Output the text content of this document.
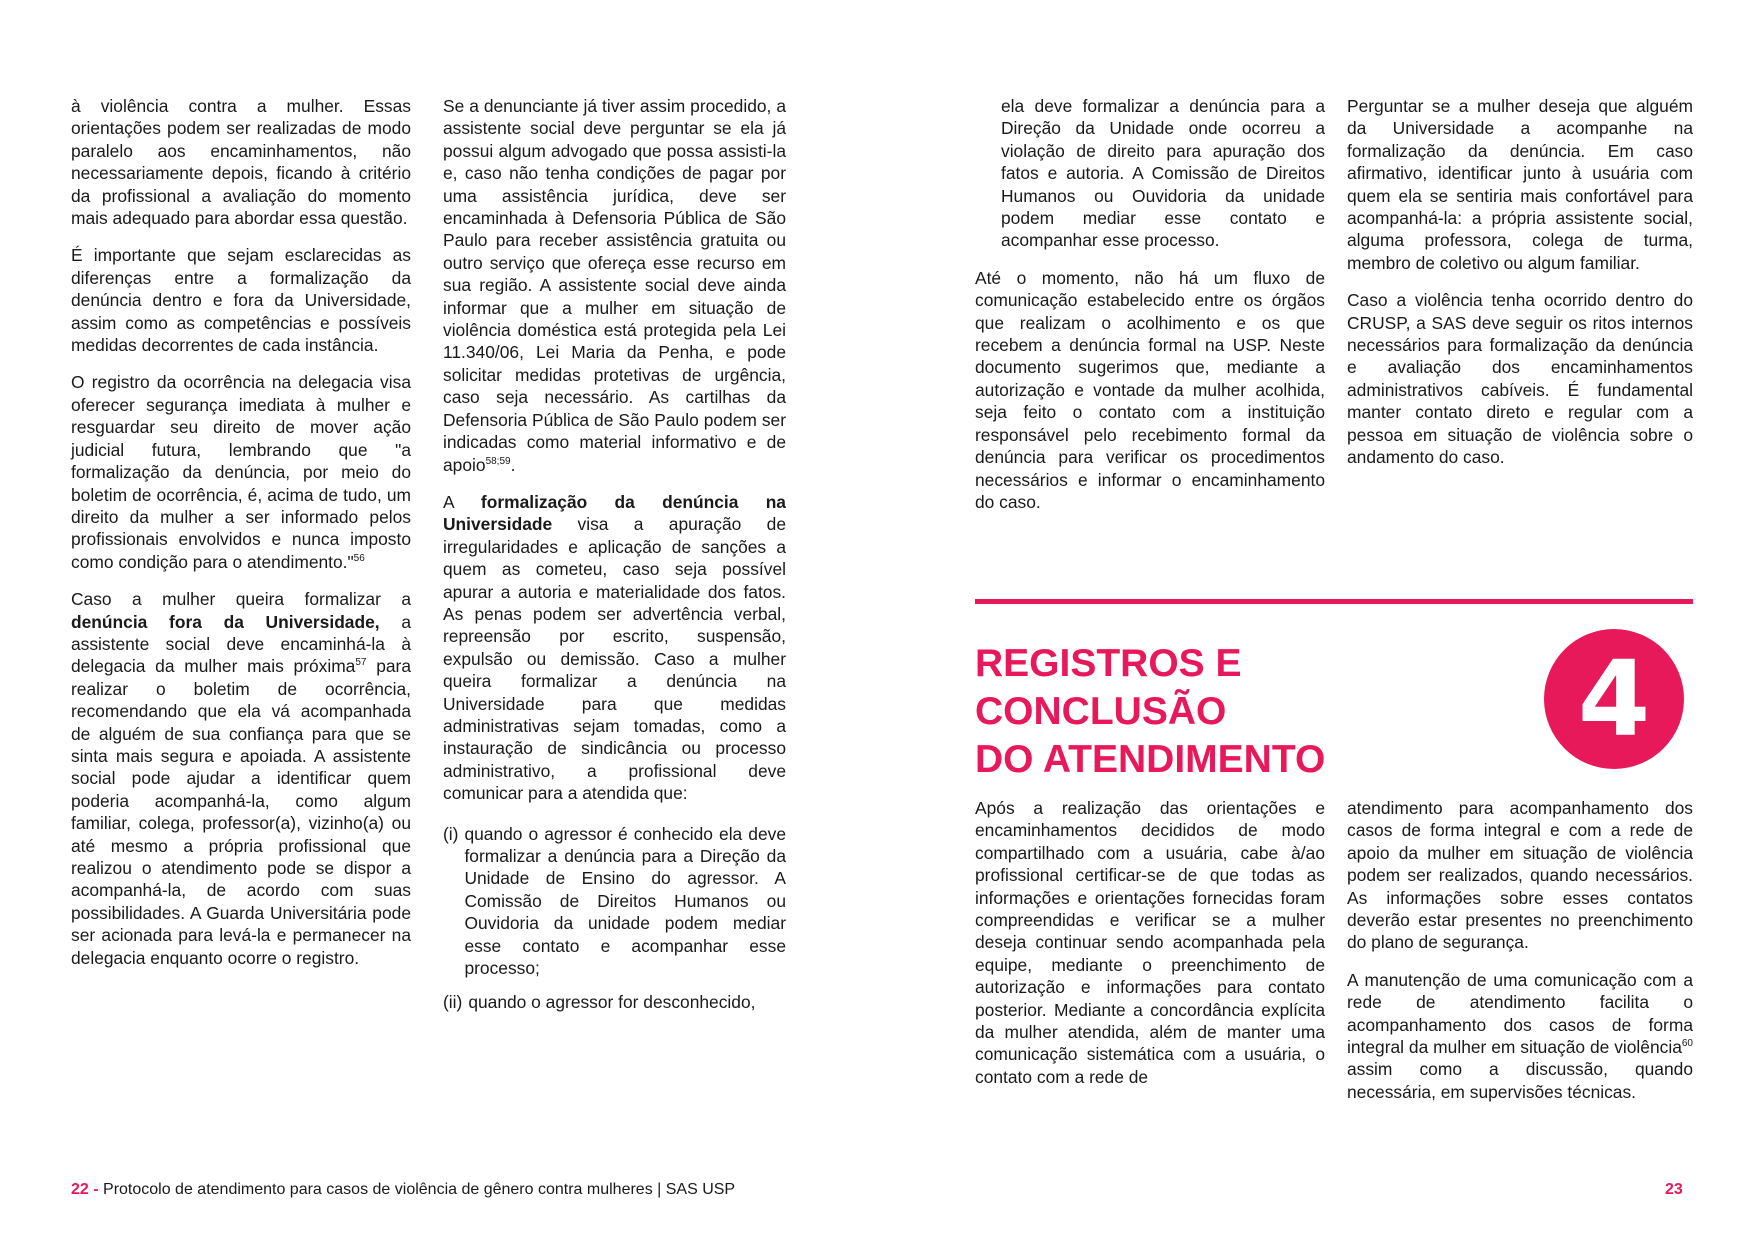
à violência contra a mulher. Essas orientações podem ser realizadas de modo paralelo aos encaminhamentos, não necessariamente depois, ficando à critério da profissional a avaliação do momento mais adequado para abordar essa questão.

É importante que sejam esclarecidas as diferenças entre a formalização da denúncia dentro e fora da Universidade, assim como as competências e possíveis medidas decorrentes de cada instância.

O registro da ocorrência na delegacia visa oferecer segurança imediata à mulher e resguardar seu direito de mover ação judicial futura, lembrando que "a formalização da denúncia, por meio do boletim de ocorrência, é, acima de tudo, um direito da mulher a ser informado pelos profissionais envolvidos e nunca imposto como condição para o atendimento."$^{56}$

Caso a mulher queira formalizar a denúncia fora da Universidade, a assistente social deve encaminhá-la à delegacia da mulher mais próxima$^{57}$ para realizar o boletim de ocorrência, recomendando que ela vá acompanhada de alguém de sua confiança para que se sinta mais segura e apoiada. A assistente social pode ajudar a identificar quem poderia acompanhá-la, como algum familiar, colega, professor(a), vizinho(a) ou até mesmo a própria profissional que realizou o atendimento pode se dispor a acompanhá-la, de acordo com suas possibilidades. A Guarda Universitária pode ser acionada para levá-la e permanecer na delegacia enquanto ocorre o registro.

Se a denunciante já tiver assim procedido, a assistente social deve perguntar se ela já possui algum advogado que possa assisti-la e, caso não tenha condições de pagar por uma assistência jurídica, deve ser encaminhada à Defensoria Pública de São Paulo para receber assistência gratuita ou outro serviço que ofereça esse recurso em sua região. A assistente social deve ainda informar que a mulher em situação de violência doméstica está protegida pela Lei 11.340/06, Lei Maria da Penha, e pode solicitar medidas protetivas de urgência, caso seja necessário. As cartilhas da Defensoria Pública de São Paulo podem ser indicadas como material informativo e de apoio$^{58;59}$.

A formalização da denúncia na Universidade visa a apuração de irregularidades e aplicação de sanções a quem as cometeu, caso seja possível apurar a autoria e materialidade dos fatos. As penas podem ser advertência verbal, repreensão por escrito, suspensão, expulsão ou demissão. Caso a mulher queira formalizar a denúncia na Universidade para que medidas administrativas sejam tomadas, como a instauração de sindicância ou processo administrativo, a profissional deve comunicar para a atendida que:

(i) quando o agressor é conhecido ela deve formalizar a denúncia para a Direção da Unidade de Ensino do agressor. A Comissão de Direitos Humanos ou Ouvidoria da unidade podem mediar esse contato e acompanhar esse processo;
(ii) quando o agressor for desconhecido,

ela deve formalizar a denúncia para a Direção da Unidade onde ocorreu a violação de direito para apuração dos fatos e autoria. A Comissão de Direitos Humanos ou Ouvidoria da unidade podem mediar esse contato e acompanhar esse processo.

Até o momento, não há um fluxo de comunicação estabelecido entre os órgãos que realizam o acolhimento e os que recebem a denúncia formal na USP. Neste documento sugerimos que, mediante a autorização e vontade da mulher acolhida, seja feito o contato com a instituição responsável pelo recebimento formal da denúncia para verificar os procedimentos necessários e informar o encaminhamento do caso.

Perguntar se a mulher deseja que alguém da Universidade a acompanhe na formalização da denúncia. Em caso afirmativo, identificar junto à usuária com quem ela se sentiria mais confortável para acompanhá-la: a própria assistente social, alguma professora, colega de turma, membro de coletivo ou algum familiar.

Caso a violência tenha ocorrido dentro do CRUSP, a SAS deve seguir os ritos internos necessários para formalização da denúncia e avaliação dos encaminhamentos administrativos cabíveis. É fundamental manter contato direto e regular com a pessoa em situação de violência sobre o andamento do caso.

REGISTROS E CONCLUSÃO
DO ATENDIMENTO	4

Após a realização das orientações e encaminhamentos decididos de modo compartilhado com a usuária, cabe à/ao profissional certificar-se de que todas as informações e orientações fornecidas foram compreendidas e verificar se a mulher deseja continuar sendo acompanhada pela equipe, mediante o preenchimento de autorização e informações para contato posterior. Mediante a concordância explícita da mulher atendida, além de manter uma comunicação sistemática com a usuária, o contato com a rede de

atendimento para acompanhamento dos casos de forma integral e com a rede de apoio da mulher em situação de violência podem ser realizados, quando necessários. As informações sobre esses contatos deverão estar presentes no preenchimento do plano de segurança.

A manutenção de uma comunicação com a rede de atendimento facilita o acompanhamento dos casos de forma integral da mulher em situação de violência$^{60}$ assim como a discussão, quando necessária, em supervisões técnicas.

22 - Protocolo de atendimento para casos de violência de gênero contra mulheres | SAS USP	23
